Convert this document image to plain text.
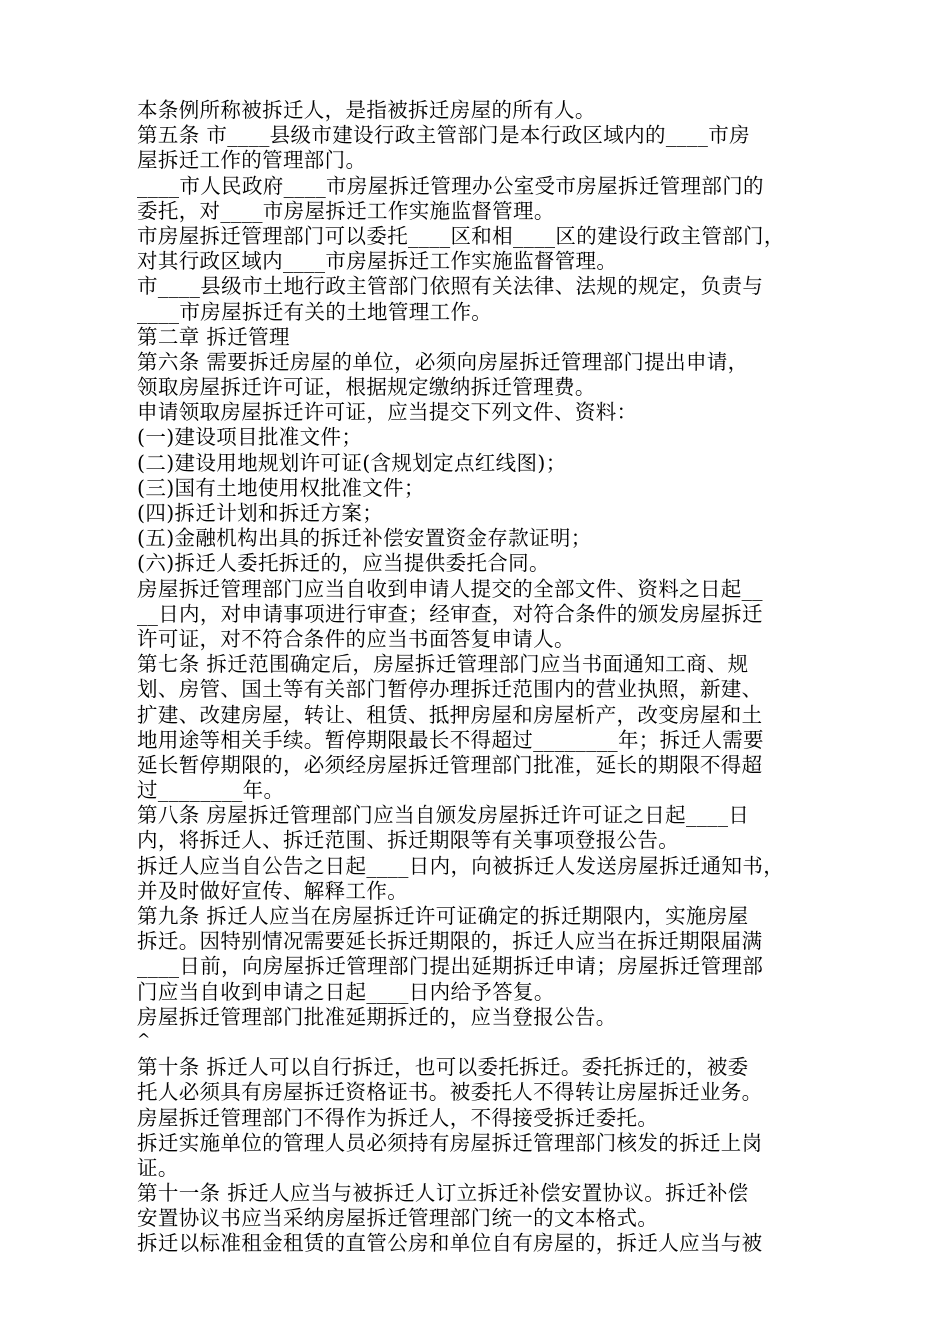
本条例所称被拆迁人，是指被拆迁房屋的所有人。
第五条 市____县级市建设行政主管部门是本行政区域内的____市房
屋拆迁工作的管理部门。
____市人民政府____市房屋拆迁管理办公室受市房屋拆迁管理部门的
委托，对____市房屋拆迁工作实施监督管理。
市房屋拆迁管理部门可以委托____区和相____区的建设行政主管部门，
对其行政区域内____市房屋拆迁工作实施监督管理。
市____县级市土地行政主管部门依照有关法律、法规的规定，负责与
____市房屋拆迁有关的土地管理工作。
第二章 拆迁管理
第六条 需要拆迁房屋的单位，必须向房屋拆迁管理部门提出申请，
领取房屋拆迁许可证，根据规定缴纳拆迁管理费。
申请领取房屋拆迁许可证，应当提交下列文件、资料：
(一)建设项目批准文件；
(二)建设用地规划许可证(含规划定点红线图)；
(三)国有土地使用权批准文件；
(四)拆迁计划和拆迁方案；
(五)金融机构出具的拆迁补偿安置资金存款证明；
(六)拆迁人委托拆迁的，应当提供委托合同。
房屋拆迁管理部门应当自收到申请人提交的全部文件、资料之日起__
__日内，对申请事项进行审查；经审查，对符合条件的颁发房屋拆迁
许可证，对不符合条件的应当书面答复申请人。
第七条 拆迁范围确定后，房屋拆迁管理部门应当书面通知工商、规
划、房管、国土等有关部门暂停办理拆迁范围内的营业执照，新建、
扩建、改建房屋，转让、租赁、抵押房屋和房屋析产，改变房屋和土
地用途等相关手续。暂停期限最长不得超过________年；拆迁人需要
延长暂停期限的，必须经房屋拆迁管理部门批准，延长的期限不得超
过________年。
第八条 房屋拆迁管理部门应当自颁发房屋拆迁许可证之日起____日
内，将拆迁人、拆迁范围、拆迁期限等有关事项登报公告。
拆迁人应当自公告之日起____日内，向被拆迁人发送房屋拆迁通知书，
并及时做好宣传、解释工作。
第九条 拆迁人应当在房屋拆迁许可证确定的拆迁期限内，实施房屋
拆迁。因特别情况需要延长拆迁期限的，拆迁人应当在拆迁期限届满
____日前，向房屋拆迁管理部门提出延期拆迁申请；房屋拆迁管理部
门应当自收到申请之日起____日内给予答复。
房屋拆迁管理部门批准延期拆迁的，应当登报公告。
^
第十条 拆迁人可以自行拆迁，也可以委托拆迁。委托拆迁的，被委
托人必须具有房屋拆迁资格证书。被委托人不得转让房屋拆迁业务。
房屋拆迁管理部门不得作为拆迁人，不得接受拆迁委托。
拆迁实施单位的管理人员必须持有房屋拆迁管理部门核发的拆迁上岗
证。
第十一条 拆迁人应当与被拆迁人订立拆迁补偿安置协议。拆迁补偿
安置协议书应当采纳房屋拆迁管理部门统一的文本格式。
拆迁以标准租金租赁的直管公房和单位自有房屋的，拆迁人应当与被
